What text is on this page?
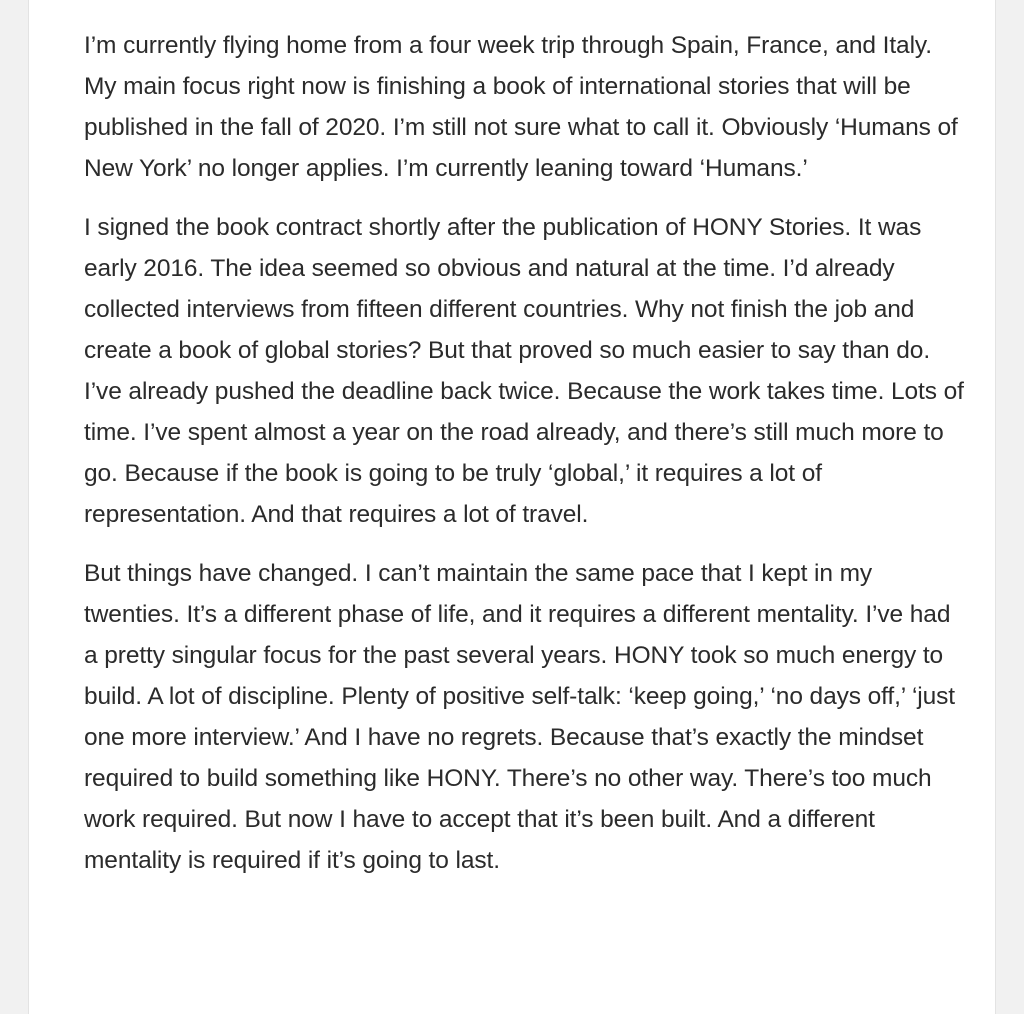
I’m currently flying home from a four week trip through Spain, France, and Italy. My main focus right now is finishing a book of international stories that will be published in the fall of 2020. I’m still not sure what to call it. Obviously ‘Humans of New York’ no longer applies. I’m currently leaning toward ‘Humans.’

I signed the book contract shortly after the publication of HONY Stories. It was early 2016. The idea seemed so obvious and natural at the time. I’d already collected interviews from fifteen different countries. Why not finish the job and create a book of global stories? But that proved so much easier to say than do. I’ve already pushed the deadline back twice. Because the work takes time. Lots of time. I’ve spent almost a year on the road already, and there’s still much more to go. Because if the book is going to be truly ‘global,’ it requires a lot of representation. And that requires a lot of travel.

But things have changed. I can’t maintain the same pace that I kept in my twenties. It’s a different phase of life, and it requires a different mentality. I’ve had a pretty singular focus for the past several years. HONY took so much energy to build. A lot of discipline. Plenty of positive self-talk: ‘keep going,’ ‘no days off,’ ‘just one more interview.’ And I have no regrets. Because that’s exactly the mindset required to build something like HONY. There’s no other way. There’s too much work required. But now I have to accept that it’s been built. And a different mentality is required if it’s going to last.
